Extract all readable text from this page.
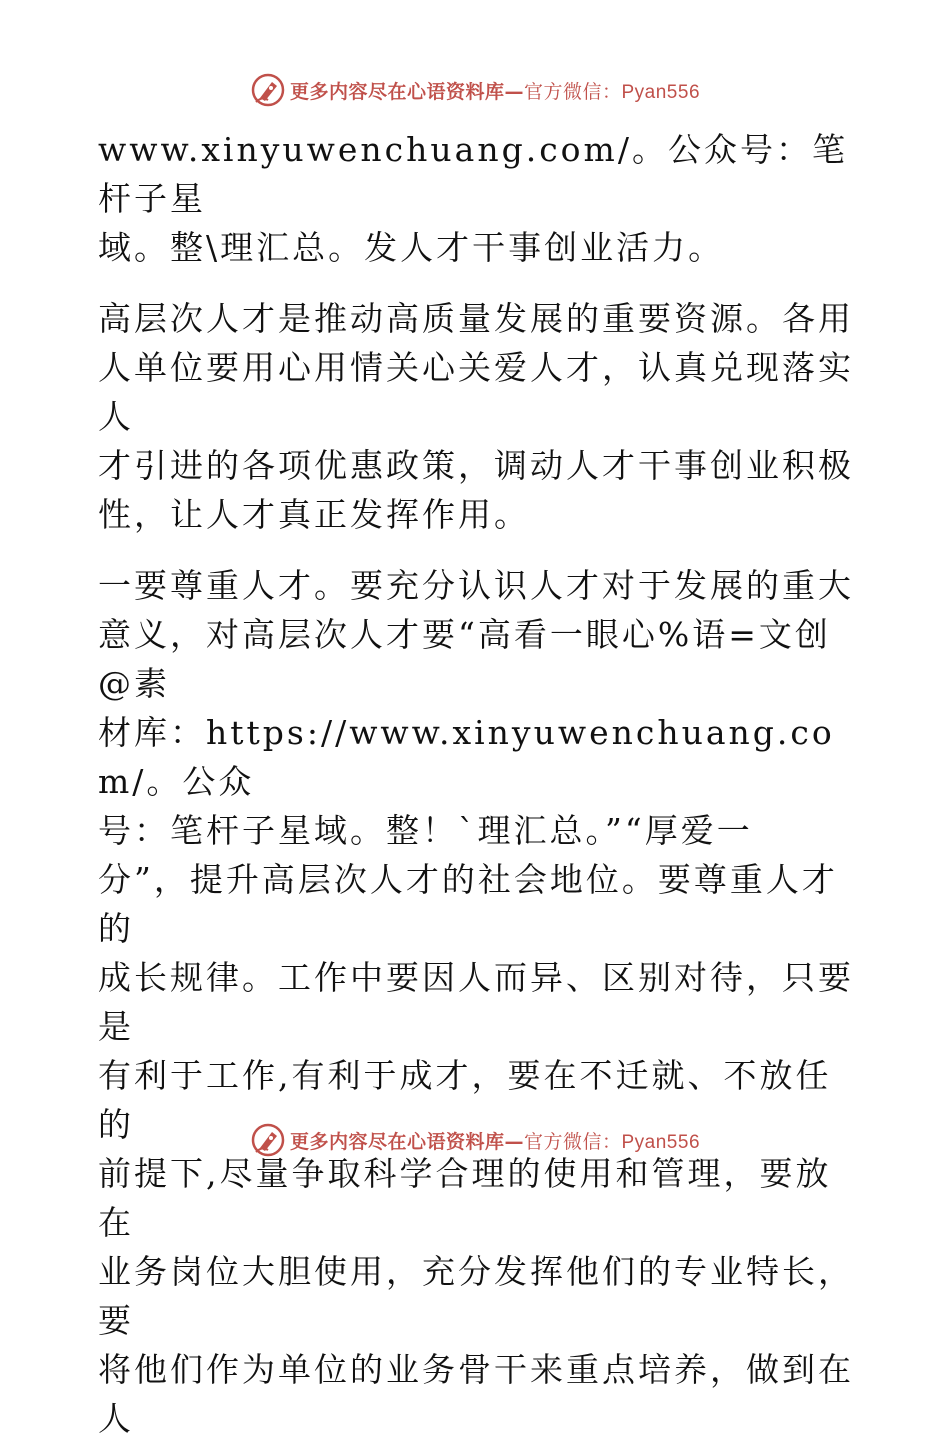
更多内容尽在心语资料库—官方微信：Pyan556

www.xinyuwenchuang.com/。公众号：笔杆子星
域。整\理汇总。发人才干事创业活力。

高层次人才是推动高质量发展的重要资源。各用
人单位要用心用情关心关爱人才，认真兑现落实人
才引进的各项优惠政策，调动人才干事创业积极
性，让人才真正发挥作用。

一要尊重人才。要充分认识人才对于发展的重大
意义，对高层次人才要“高看一眼心%语=文创@素
材库：https://www.xinyuwenchuang.com/。公众
号：笔杆子星域。整！`理汇总。”“厚爱一
分”，提升高层次人才的社会地位。要尊重人才的
成长规律。工作中要因人而异、区别对待，只要是
有利于工作,有利于成才，要在不迁就、不放任的
前提下,尽量争取科学合理的使用和管理，要放在
业务岗位大胆使用，充分发挥他们的专业特长，要
将他们作为单位的业务骨干来重点培养，做到在人

更多内容尽在心语资料库—官方微信：Pyan556
